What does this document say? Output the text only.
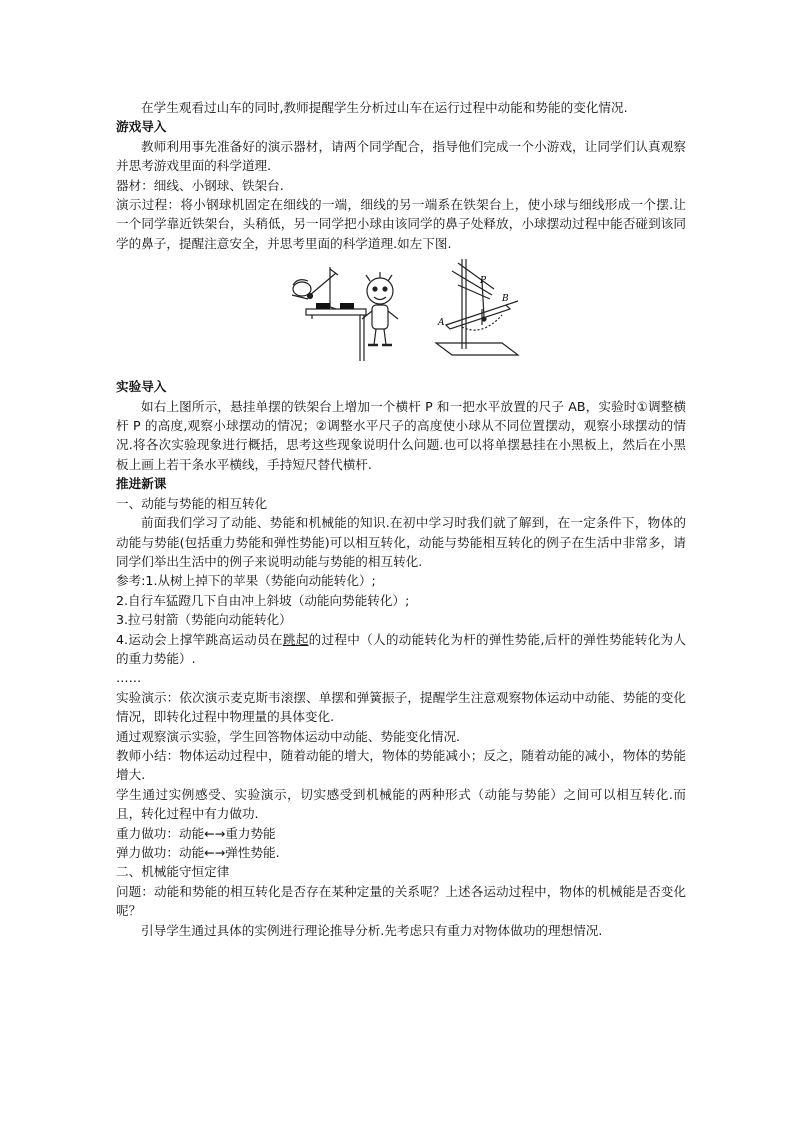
在学生观看过山车的同时,教师提醒学生分析过山车在运行过程中动能和势能的变化情况.

游戏导入

教师利用事先准备好的演示器材，请两个同学配合，指导他们完成一个小游戏，让同学们认真观察并思考游戏里面的科学道理.

器材：细线、小钢球、铁架台.

演示过程：将小钢球机固定在细线的一端，细线的另一端系在铁架台上，使小球与细线形成一个摆.让一个同学靠近铁架台，头稍低，另一同学把小球由该同学的鼻子处释放，小球摆动过程中能否碰到该同学的鼻子，提醒注意安全，并思考里面的科学道理.如左下图.

P
B
A

实验导入

如右上图所示，悬挂单摆的铁架台上增加一个横杆 P 和一把水平放置的尺子 AB，实验时①调整横杆 P 的高度,观察小球摆动的情况；②调整水平尺子的高度使小球从不同位置摆动，观察小球摆动的情况.将各次实验现象进行概括，思考这些现象说明什么问题.也可以将单摆悬挂在小黑板上，然后在小黑板上画上若干条水平横线，手持短尺替代横杆.

推进新课

一、动能与势能的相互转化

前面我们学习了动能、势能和机械能的知识.在初中学习时我们就了解到，在一定条件下，物体的动能与势能(包括重力势能和弹性势能)可以相互转化，动能与势能相互转化的例子在生活中非常多，请同学们举出生活中的例子来说明动能与势能的相互转化.

参考:1.从树上掉下的苹果（势能向动能转化）;

2.自行车猛蹬几下自由冲上斜坡（动能向势能转化）;

3.拉弓射箭（势能向动能转化）

4.运动会上撑竿跳高运动员在跳起的过程中（人的动能转化为杆的弹性势能,后杆的弹性势能转化为人的重力势能）.

……

实验演示：依次演示麦克斯韦滚摆、单摆和弹簧振子，提醒学生注意观察物体运动中动能、势能的变化情况，即转化过程中物理量的具体变化.

通过观察演示实验，学生回答物体运动中动能、势能变化情况.

教师小结：物体运动过程中，随着动能的增大，物体的势能减小；反之，随着动能的减小，物体的势能增大.

学生通过实例感受、实验演示，切实感受到机械能的两种形式（动能与势能）之间可以相互转化.而且，转化过程中有力做功.

重力做功：动能←→重力势能

弹力做功：动能←→弹性势能.

二、机械能守恒定律

问题：动能和势能的相互转化是否存在某种定量的关系呢？上述各运动过程中，物体的机械能是否变化呢？

引导学生通过具体的实例进行理论推导分析.先考虑只有重力对物体做功的理想情况.
